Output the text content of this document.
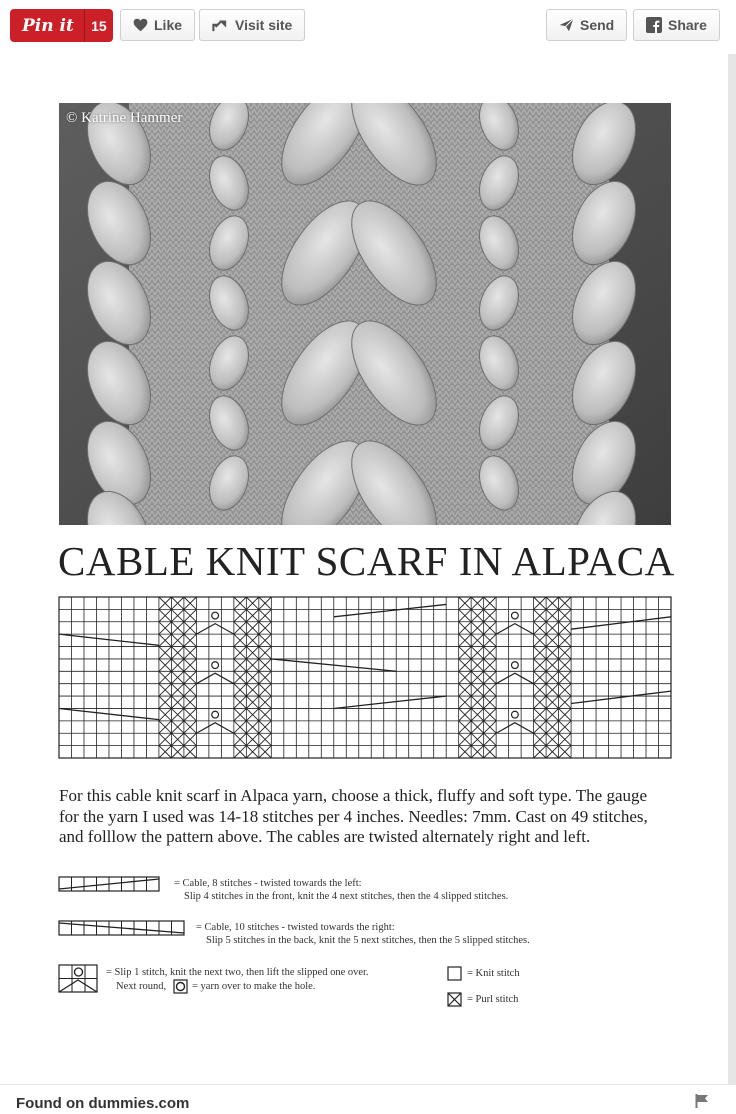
Pin it	15	Like	Visit site	Send	Share
© Katrine Hammer
CABLE KNIT SCARF IN ALPACA
For this cable knit scarf in Alpaca yarn, choose a thick, fluffy and soft type. The gauge
for the yarn I used was 14-18 stitches per 4 inches. Needles: 7mm. Cast on 49 stitches,
and folllow the pattern above. The cables are twisted alternately right and left.
= Cable, 8 stitches - twisted towards the left:
Slip 4 stitches in the front, knit the 4 next stitches, then the 4 slipped stitches.
= Cable, 10 stitches - twisted towards the right:
Slip 5 stitches in the back, knit the 5 next stitches, then the 5 slipped stitches.
= Slip 1 stitch, knit the next two, then lift the slipped one over.
Next round, = yarn over to make the hole.
= Knit stitch
= Purl stitch
Found on dummies.com
